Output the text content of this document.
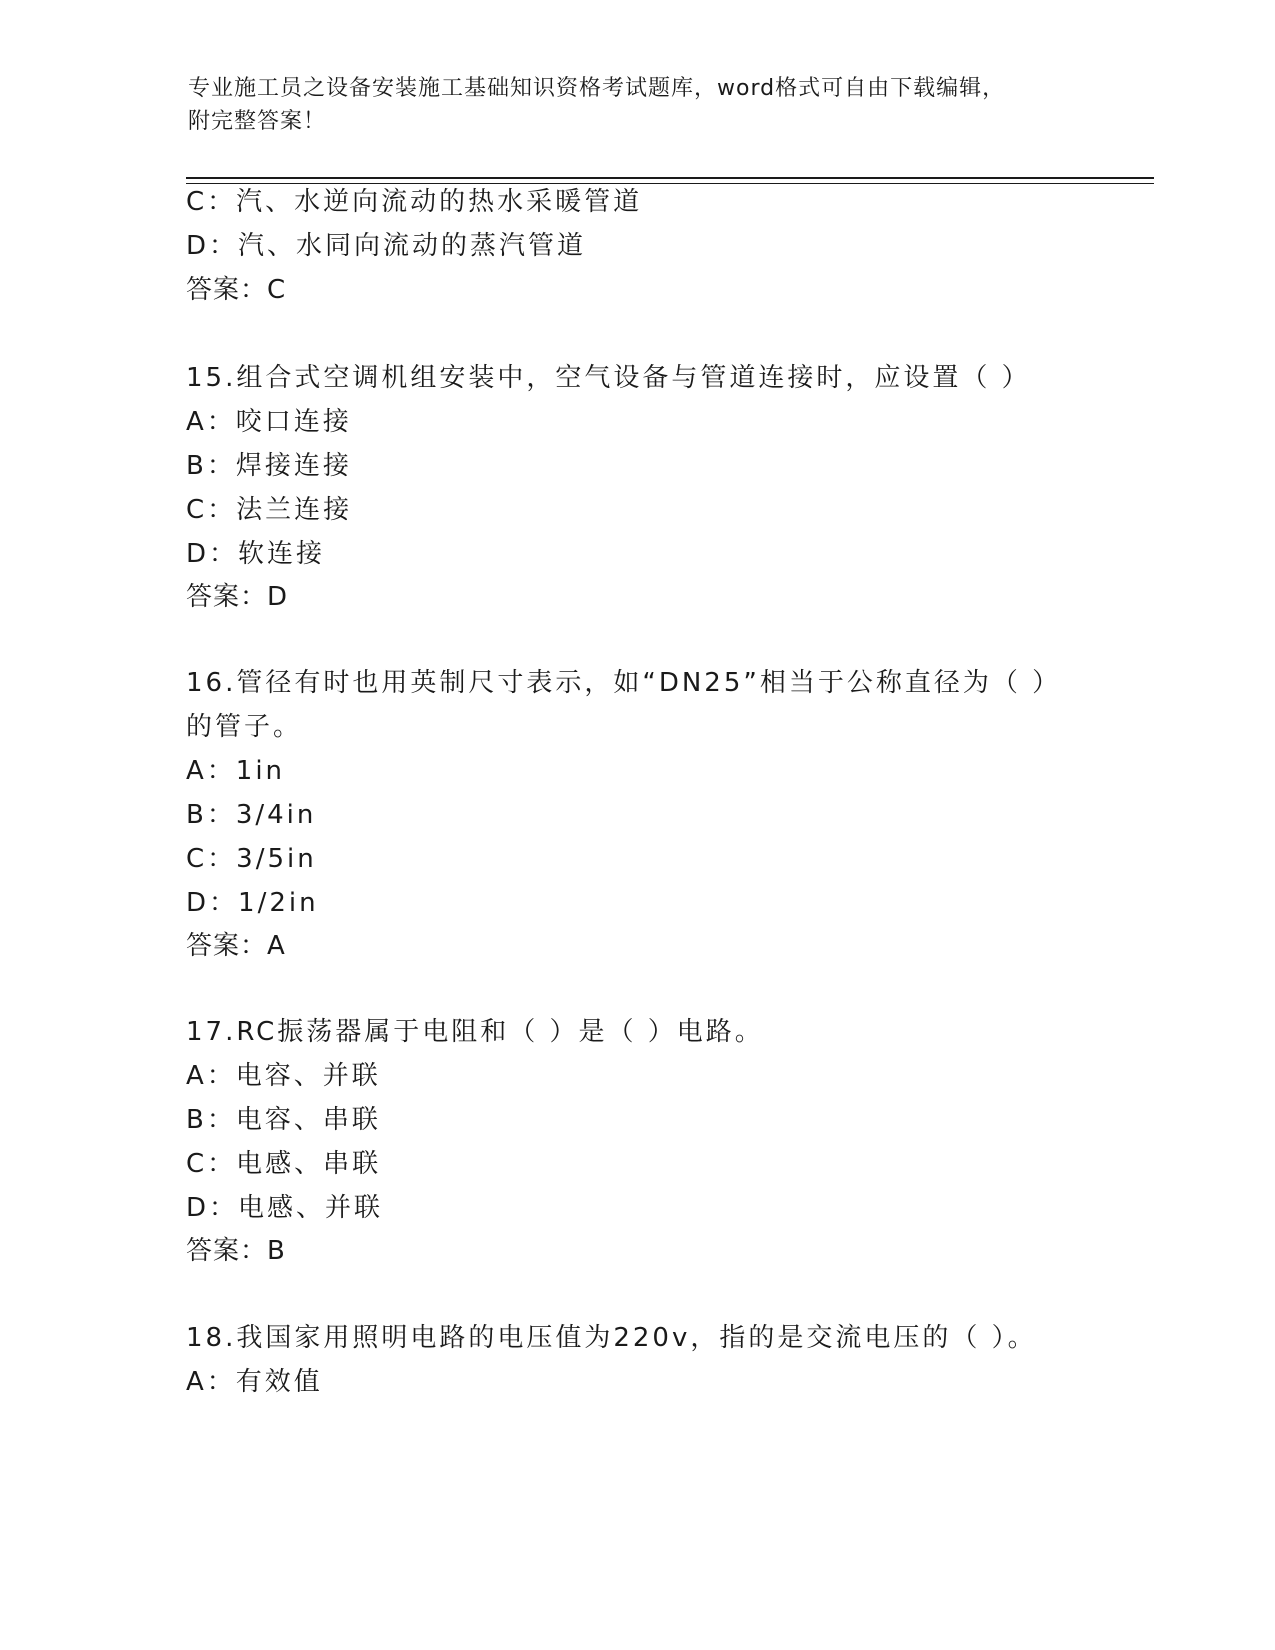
专业施工员之设备安装施工基础知识资格考试题库，word格式可自由下载编辑，
附完整答案！
C：汽、水逆向流动的热水采暖管道
D：汽、水同向流动的蒸汽管道
答案：C
15.组合式空调机组安装中，空气设备与管道连接时，应设置（ ）
A：咬口连接
B：焊接连接
C：法兰连接
D：软连接
答案：D
16.管径有时也用英制尺寸表示，如“DN25”相当于公称直径为（ ）
的管子。
A：1in
B：3/4in
C：3/5in
D：1/2in
答案：A
17.RC振荡器属于电阻和（ ）是（ ）电路。
A：电容、并联
B：电容、串联
C：电感、串联
D：电感、并联
答案：B
18.我国家用照明电路的电压值为220v，指的是交流电压的（ ）。
A：有效值
